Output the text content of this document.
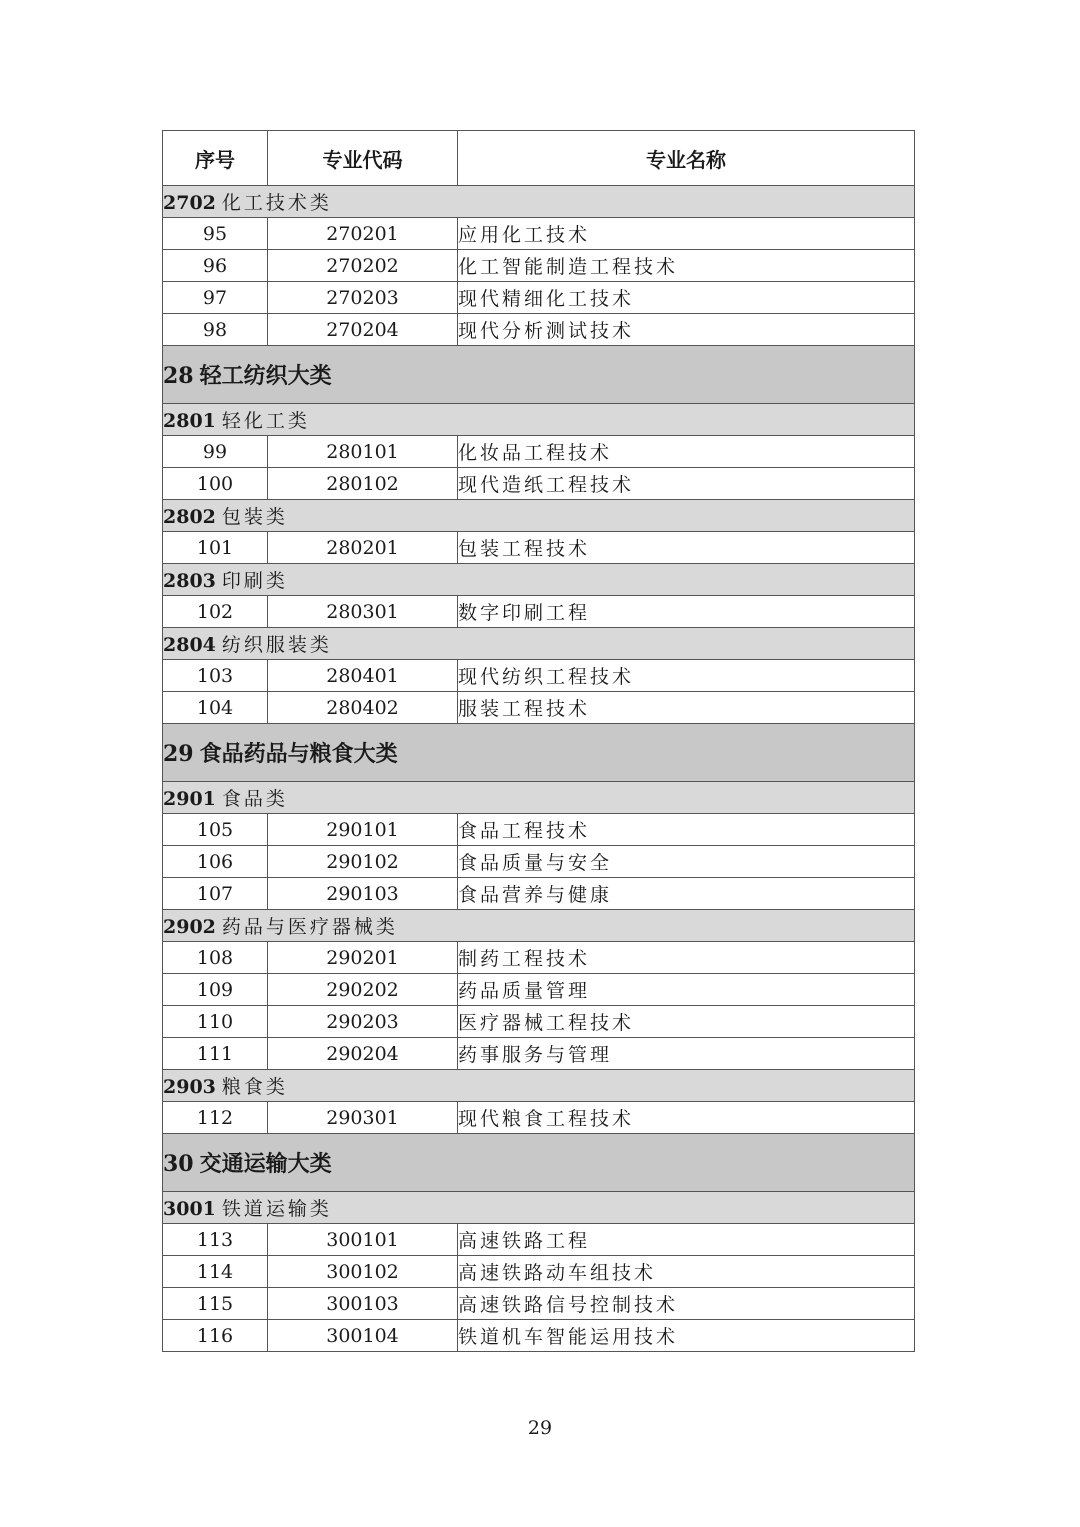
序号	专业代码	专业名称
2702 化工技术类		
95	270201	应用化工技术
96	270202	化工智能制造工程技术
97	270203	现代精细化工技术
98	270204	现代分析测试技术
28 轻工纺织大类		
2801 轻化工类		
99	280101	化妆品工程技术
100	280102	现代造纸工程技术
2802 包装类		
101	280201	包装工程技术
2803 印刷类		
102	280301	数字印刷工程
2804 纺织服装类		
103	280401	现代纺织工程技术
104	280402	服装工程技术
29 食品药品与粮食大类		
2901 食品类		
105	290101	食品工程技术
106	290102	食品质量与安全
107	290103	食品营养与健康
2902 药品与医疗器械类		
108	290201	制药工程技术
109	290202	药品质量管理
110	290203	医疗器械工程技术
111	290204	药事服务与管理
2903 粮食类		
112	290301	现代粮食工程技术
30 交通运输大类		
3001 铁道运输类		
113	300101	高速铁路工程
114	300102	高速铁路动车组技术
115	300103	高速铁路信号控制技术
116	300104	铁道机车智能运用技术
29
